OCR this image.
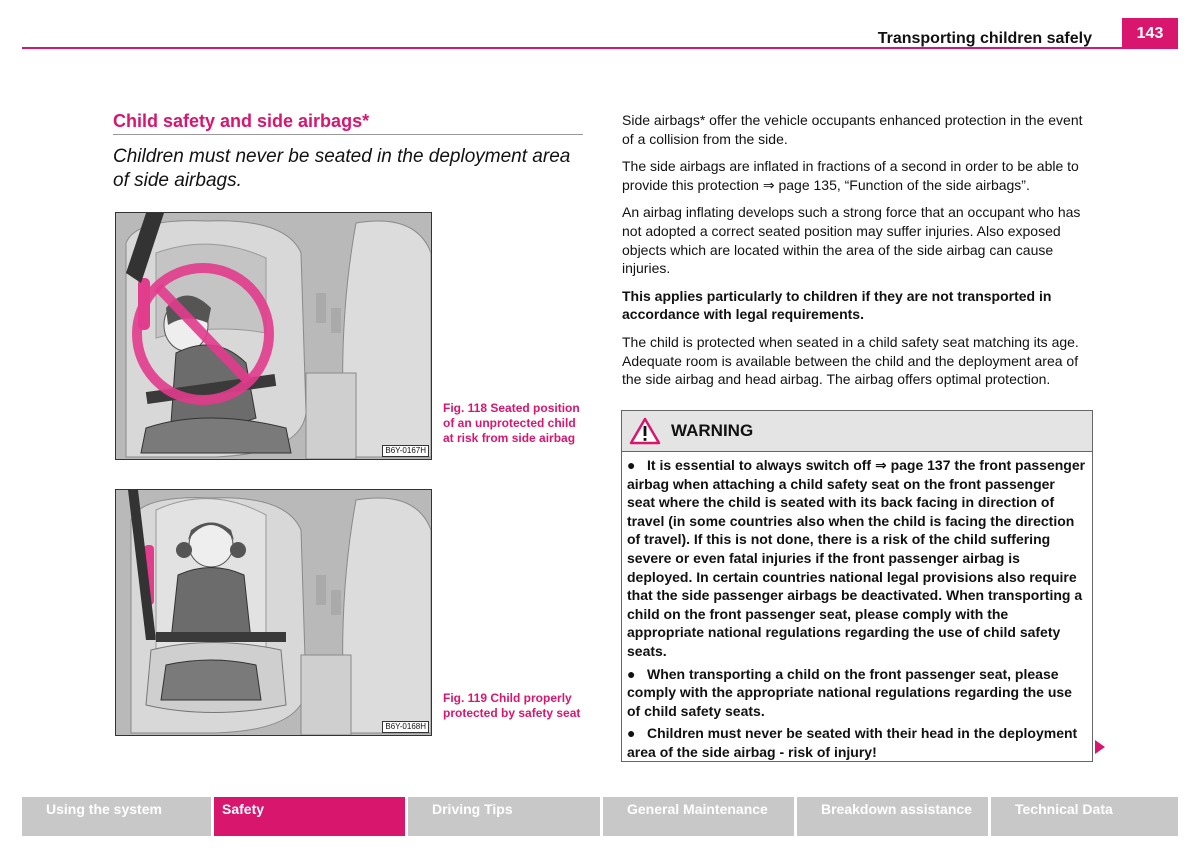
Transporting children safely	143
Child safety and side airbags*
Children must never be seated in the deployment area of side airbags.
B6Y-0167H
Fig. 118 Seated position of an unprotected child at risk from side airbag
B6Y-0168H
Fig. 119 Child properly protected by safety seat

Side airbags* offer the vehicle occupants enhanced protection in the event of a collision from the side.

The side airbags are inflated in fractions of a second in order to be able to provide this protection ⇒ page 135, “Function of the side airbags”.

An airbag inflating develops such a strong force that an occupant who has not adopted a correct seated position may suffer injuries. Also exposed objects which are located within the area of the side airbag can cause injuries.

This applies particularly to children if they are not transported in accordance with legal requirements.

The child is protected when seated in a child safety seat matching its age. Adequate room is available between the child and the deployment area of the side airbag and head airbag. The airbag offers optimal protection.

WARNING

● It is essential to always switch off ⇒ page 137 the front passenger airbag when attaching a child safety seat on the front passenger seat where the child is seated with its back facing in direction of travel (in some countries also when the child is facing the direction of travel). If this is not done, there is a risk of the child suffering severe or even fatal injuries if the front passenger airbag is deployed. In certain countries national legal provisions also require that the side passenger airbags be deactivated. When transporting a child on the front passenger seat, please comply with the appropriate national regulations regarding the use of child safety seats.

● When transporting a child on the front passenger seat, please comply with the appropriate national regulations regarding the use of child safety seats.

● Children must never be seated with their head in the deployment area of the side airbag - risk of injury!

Using the system	Safety	Driving Tips	General Maintenance	Breakdown assistance	Technical Data
